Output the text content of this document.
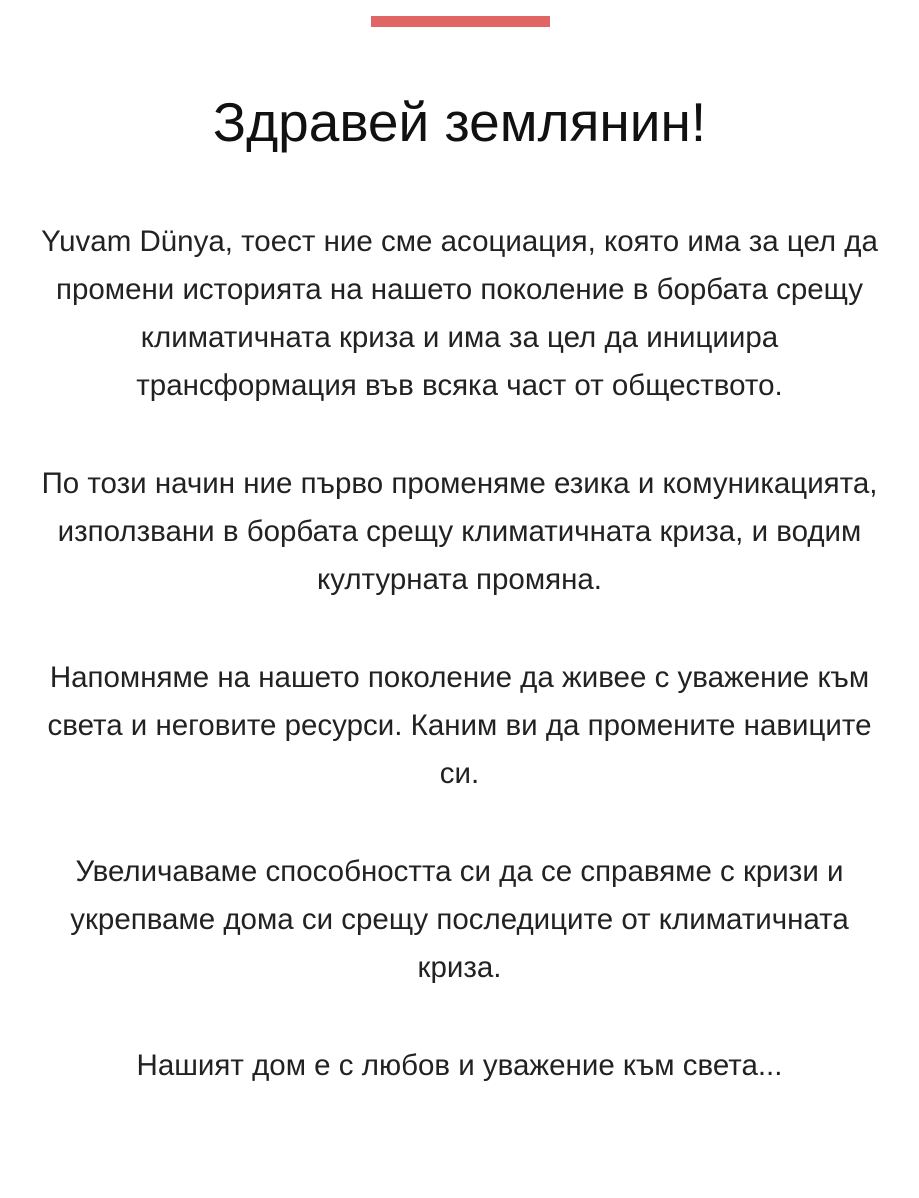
Здравей землянин!

Yuvam Dünya, тоест ние сме асоциация, която има за цел да промени историята на нашето поколение в борбата срещу климатичната криза и има за цел да инициира трансформация във всяка част от обществото.

По този начин ние първо променяме езика и комуникацията, използвани в борбата срещу климатичната криза, и водим културната промяна.

Напомняме на нашето поколение да живее с уважение към света и неговите ресурси. Каним ви да промените навиците си.

Увеличаваме способността си да се справяме с кризи и укрепваме дома си срещу последиците от климатичната криза.

Нашият дом е с любов и уважение към света...
